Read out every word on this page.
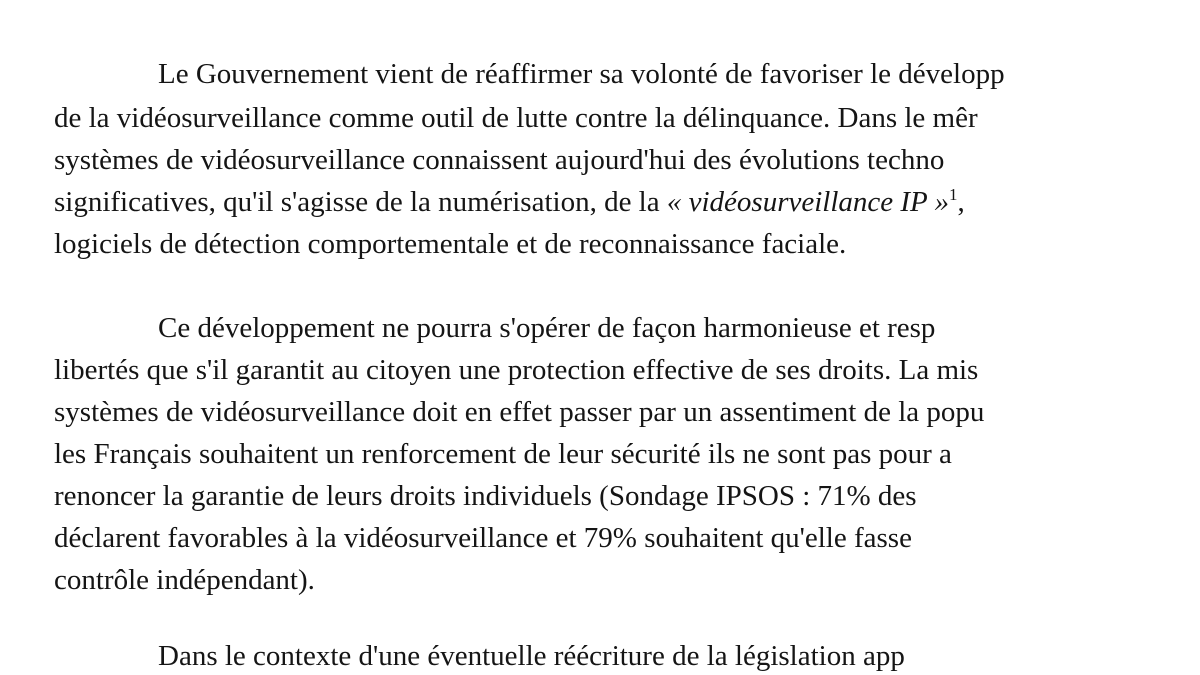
Le Gouvernement vient de réaffirmer sa volonté de favoriser le développ
de la vidéosurveillance comme outil de lutte contre la délinquance. Dans le mêr
systèmes de vidéosurveillance connaissent aujourd'hui des évolutions techno
significatives, qu'il s'agisse de la numérisation, de la « vidéosurveillance IP »$^1$,
logiciels de détection comportementale et de reconnaissance faciale.
Ce développement ne pourra s'opérer de façon harmonieuse et resp
libertés que s'il garantit au citoyen une protection effective de ses droits. La mis
systèmes de vidéosurveillance doit en effet passer par un assentiment de la popu
les Français souhaitent un renforcement de leur sécurité ils ne sont pas pour a
renoncer la garantie de leurs droits individuels (Sondage IPSOS : 71% des
déclarent favorables à la vidéosurveillance et 79% souhaitent qu'elle fasse
contrôle indépendant).
Dans le contexte d'une éventuelle réécriture de la législation app
